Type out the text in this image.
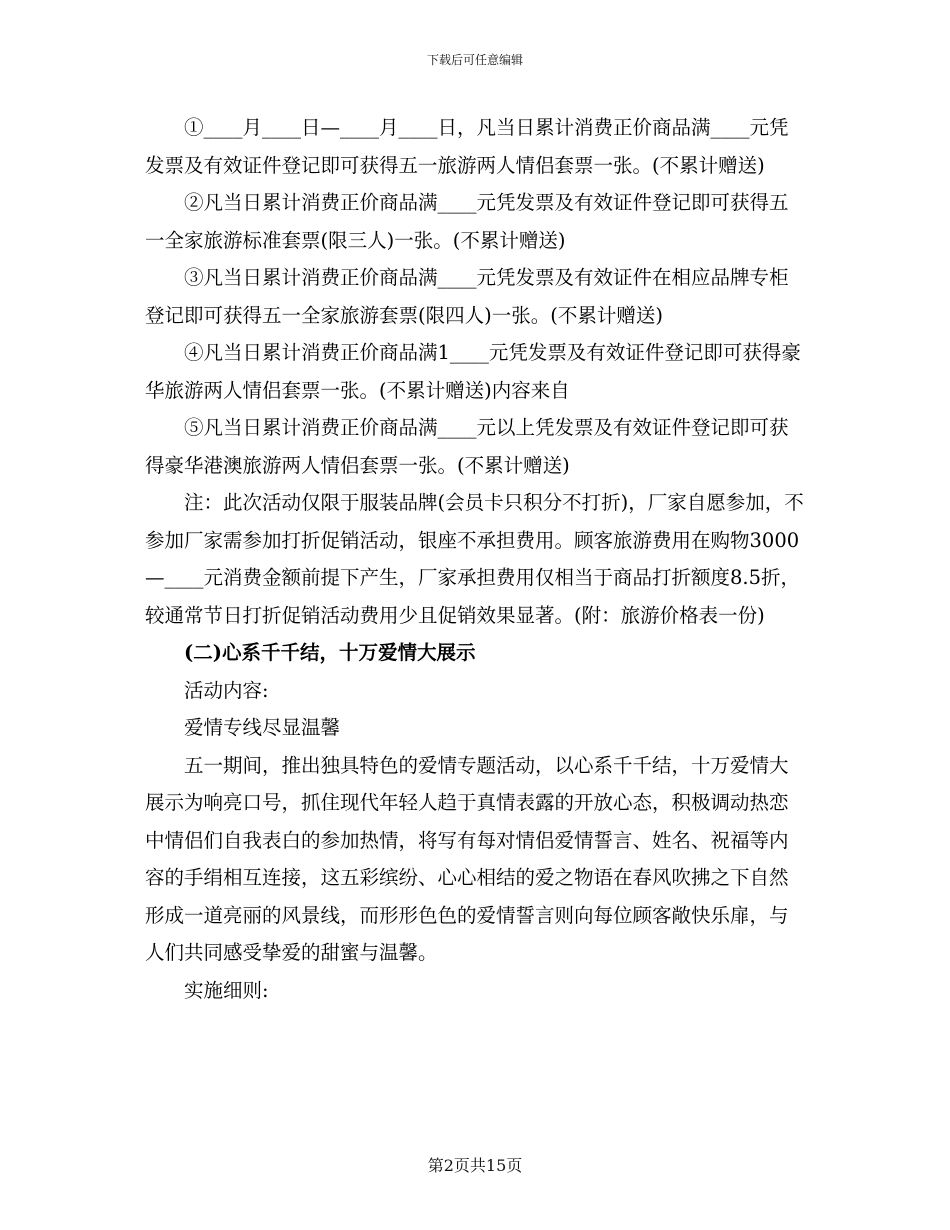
下载后可任意编辑

①____月____日—____月____日，凡当日累计消费正价商品满____元凭发票及有效证件登记即可获得五一旅游两人情侣套票一张。(不累计赠送)

②凡当日累计消费正价商品满____元凭发票及有效证件登记即可获得五一全家旅游标准套票(限三人)一张。(不累计赠送)

③凡当日累计消费正价商品满____元凭发票及有效证件在相应品牌专柜登记即可获得五一全家旅游套票(限四人)一张。(不累计赠送)

④凡当日累计消费正价商品满1____元凭发票及有效证件登记即可获得豪华旅游两人情侣套票一张。(不累计赠送)内容来自

⑤凡当日累计消费正价商品满____元以上凭发票及有效证件登记即可获得豪华港澳旅游两人情侣套票一张。(不累计赠送)

注：此次活动仅限于服装品牌(会员卡只积分不打折)，厂家自愿参加，不参加厂家需参加打折促销活动，银座不承担费用。顾客旅游费用在购物3000—____元消费金额前提下产生，厂家承担费用仅相当于商品打折额度8.5折，较通常节日打折促销活动费用少且促销效果显著。(附：旅游价格表一份)

(二)心系千千结，十万爱情大展示

活动内容:

爱情专线尽显温馨

五一期间，推出独具特色的爱情专题活动，以心系千千结，十万爱情大展示为响亮口号，抓住现代年轻人趋于真情表露的开放心态，积极调动热恋中情侣们自我表白的参加热情，将写有每对情侣爱情誓言、姓名、祝福等内容的手绢相互连接，这五彩缤纷、心心相结的爱之物语在春风吹拂之下自然形成一道亮丽的风景线，而形形色色的爱情誓言则向每位顾客敞快乐扉，与人们共同感受挚爱的甜蜜与温馨。

实施细则:

第2页共15页
